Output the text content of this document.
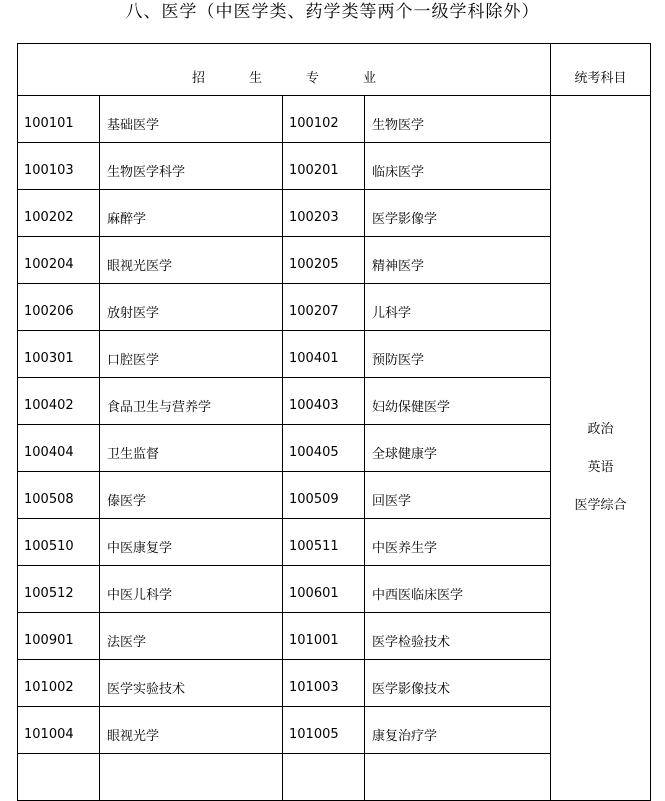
八、医学（中医学类、药学类等两个一级学科除外）
招 生 专 业				统考科目
100101	基础医学	100102	生物医学	政治
英语
医学综合

100103	生物医学科学	100201	临床医学	
100202	麻醉学	100203	医学影像学	
100204	眼视光医学	100205	精神医学	
100206	放射医学	100207	儿科学	
100301	口腔医学	100401	预防医学	
100402	食品卫生与营养学	100403	妇幼保健医学	
100404	卫生监督	100405	全球健康学	
100508	傣医学	100509	回医学	
100510	中医康复学	100511	中医养生学	
100512	中医儿科学	100601	中西医临床医学	
100901	法医学	101001	医学检验技术	
101002	医学实验技术	101003	医学影像技术	
101004	眼视光学	101005	康复治疗学	
